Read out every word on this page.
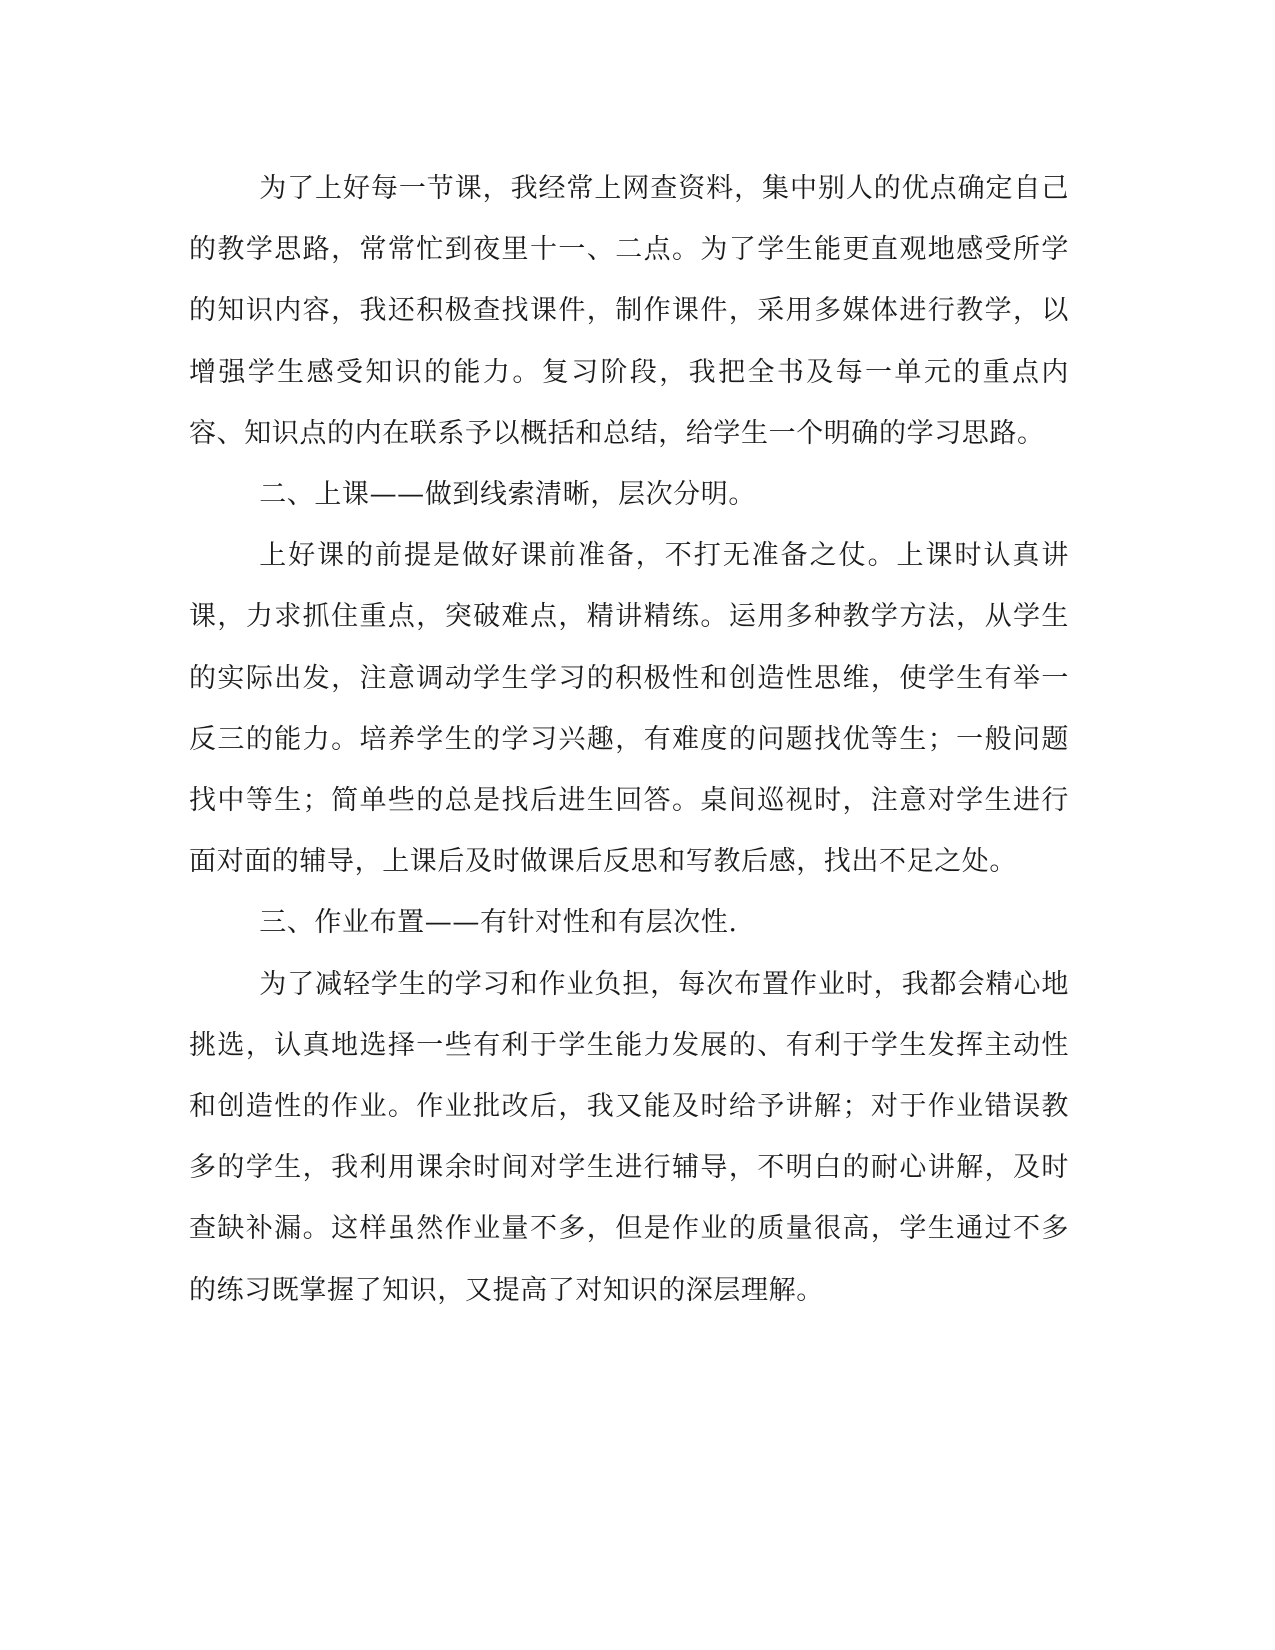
为了上好每一节课，我经常上网查资料，集中别人的优点确定自己的教学思路，常常忙到夜里十一、二点。为了学生能更直观地感受所学的知识内容，我还积极查找课件，制作课件，采用多媒体进行教学，以增强学生感受知识的能力。复习阶段，我把全书及每一单元的重点内容、知识点的内在联系予以概括和总结，给学生一个明确的学习思路。

二、上课——做到线索清晰，层次分明。

上好课的前提是做好课前准备，不打无准备之仗。上课时认真讲课，力求抓住重点，突破难点，精讲精练。运用多种教学方法，从学生的实际出发，注意调动学生学习的积极性和创造性思维，使学生有举一反三的能力。培养学生的学习兴趣，有难度的问题找优等生；一般问题找中等生；简单些的总是找后进生回答。桌间巡视时，注意对学生进行面对面的辅导，上课后及时做课后反思和写教后感，找出不足之处。

三、作业布置——有针对性和有层次性.

为了减轻学生的学习和作业负担，每次布置作业时，我都会精心地挑选，认真地选择一些有利于学生能力发展的、有利于学生发挥主动性和创造性的作业。作业批改后，我又能及时给予讲解；对于作业错误教多的学生，我利用课余时间对学生进行辅导，不明白的耐心讲解，及时查缺补漏。这样虽然作业量不多，但是作业的质量很高，学生通过不多的练习既掌握了知识，又提高了对知识的深层理解。
